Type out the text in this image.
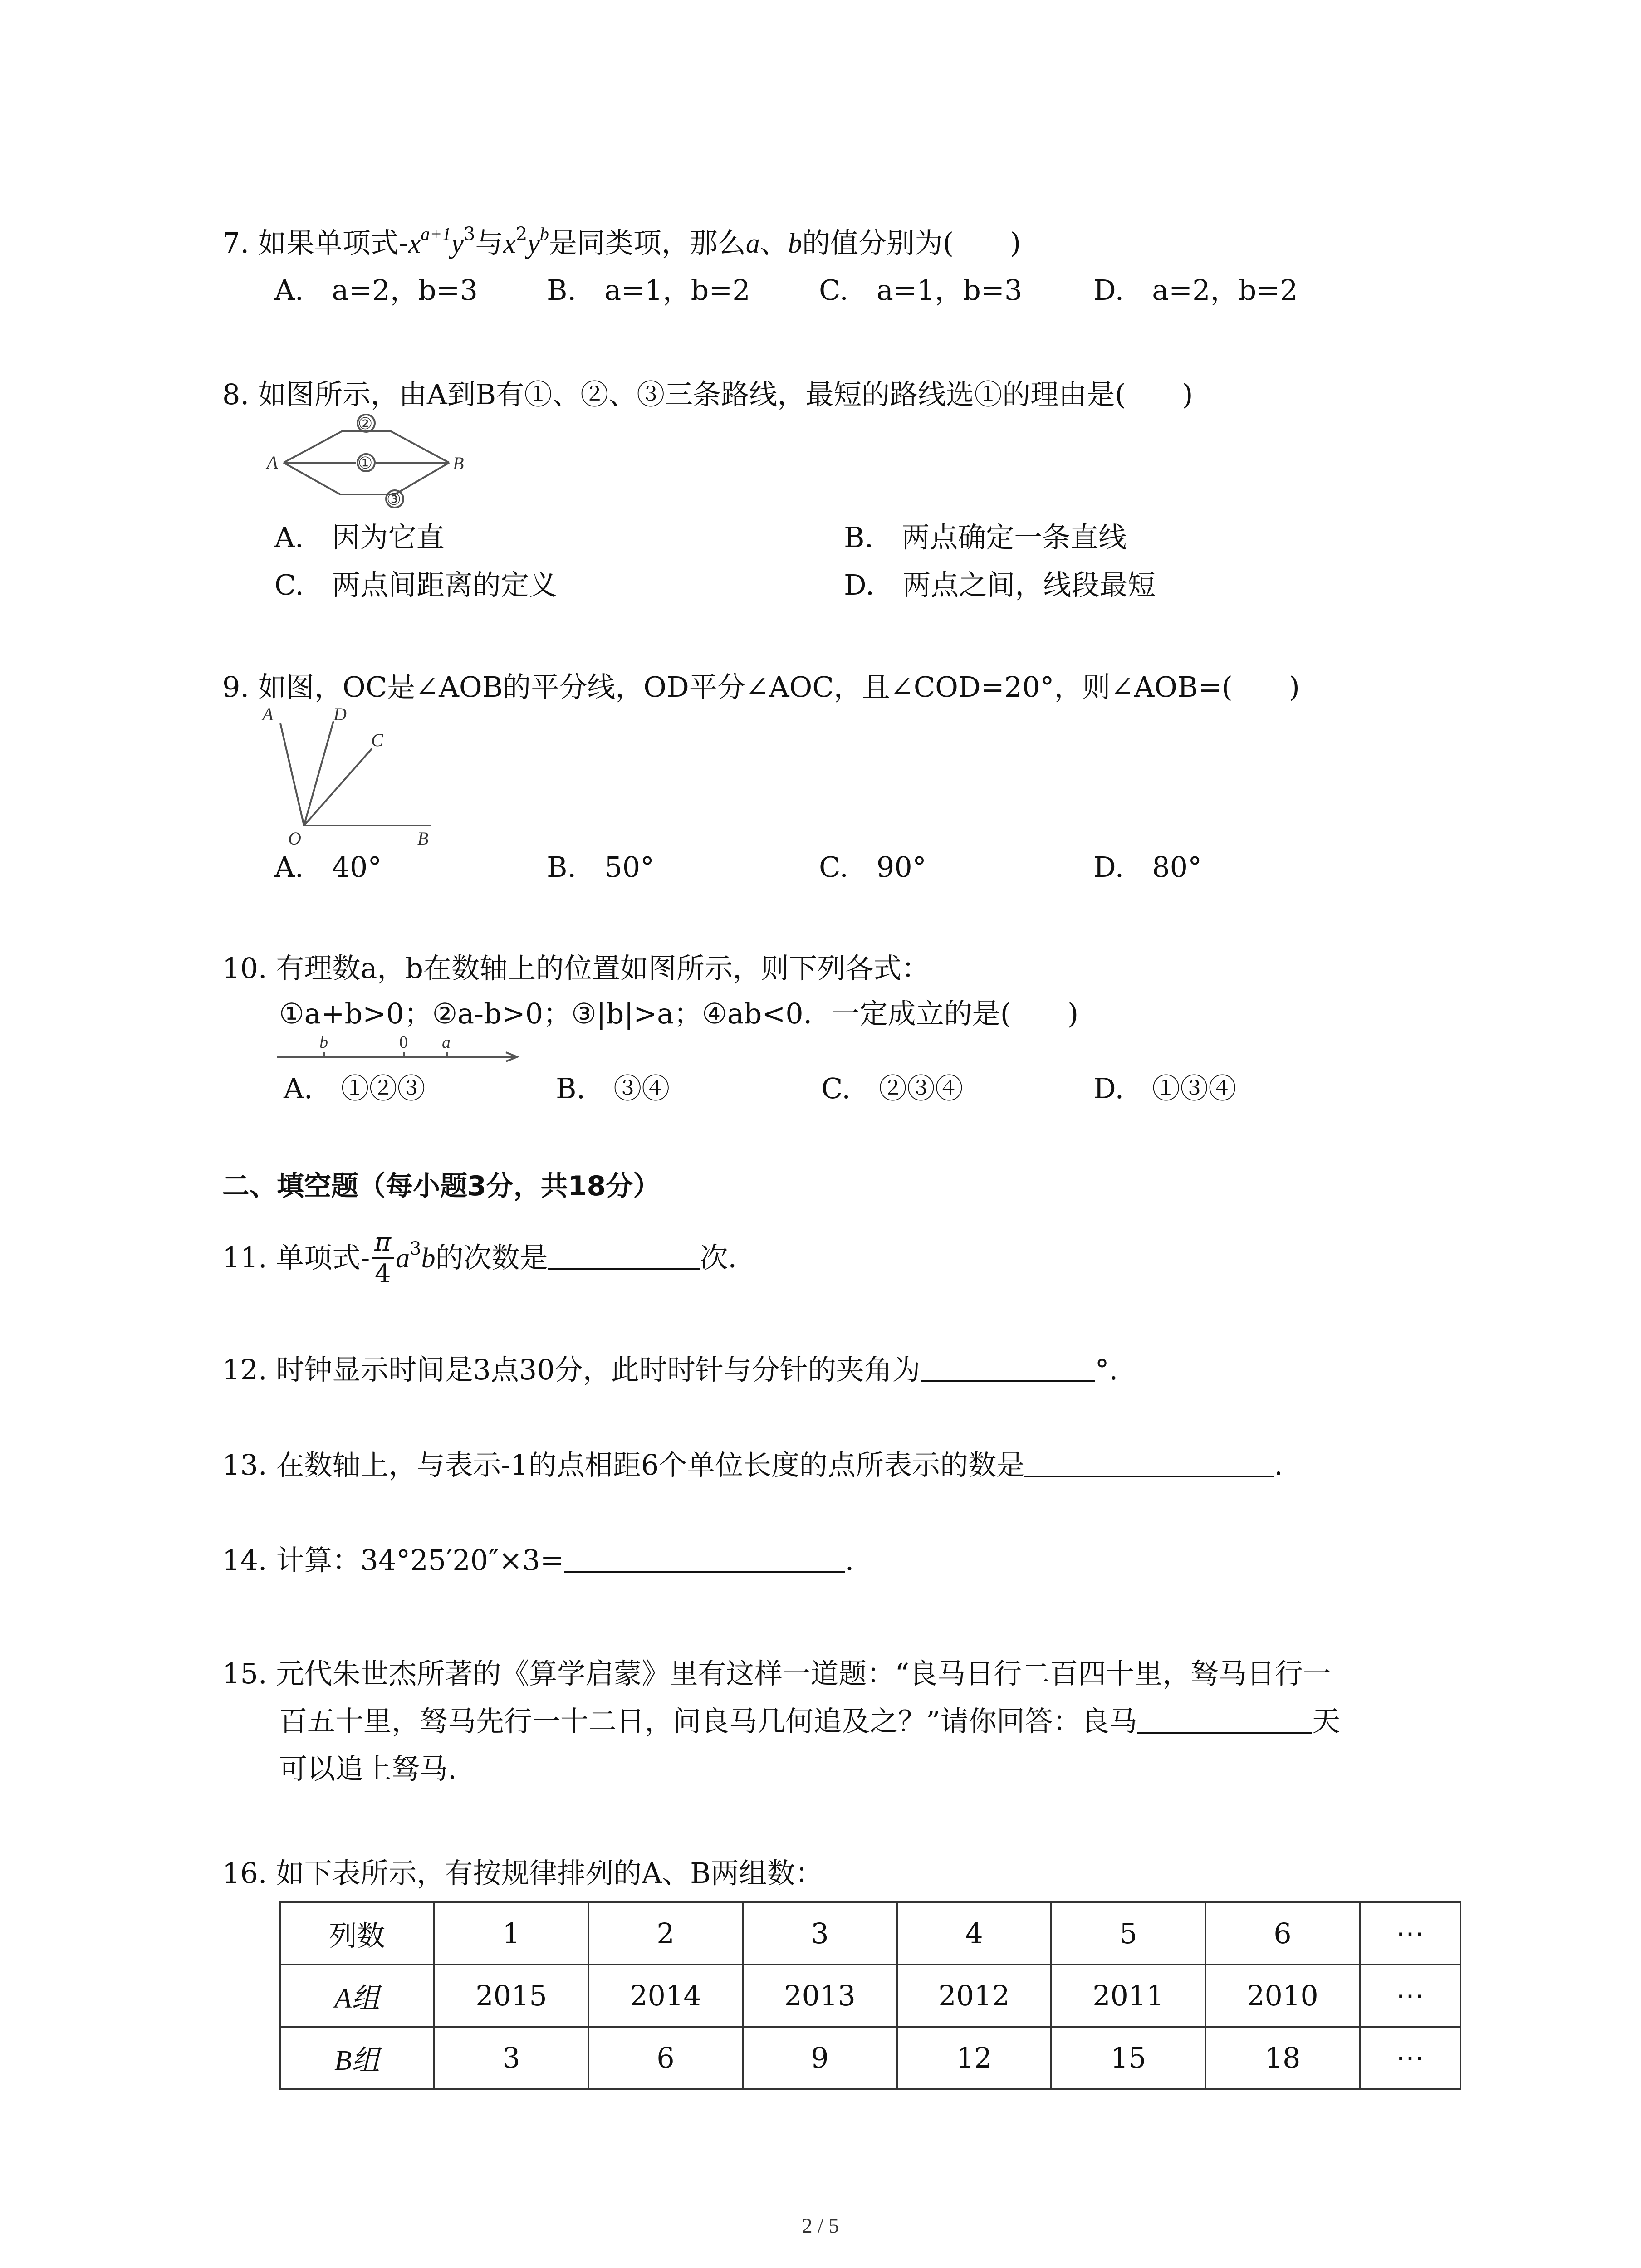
7. 如果单项式$-x^{a+1}y^3$与$x^2y^b$是同类项，那么a、b的值分别为(　　)
A.　a=2，b=3 B.　a=1，b=2 C.　a=1，b=3	D.　a=2，b=2
8. 如图所示，由A到B有①、②、③三条路线，最短的路线选①的理由是(　　)
A	B
①
②
③
A.　因为它直	B.　两点确定一条直线
C.　两点间距离的定义	D.　两点之间，线段最短
9. 如图，OC是∠AOB的平分线，OD平分∠AOC，且∠COD=20°，则∠AOB=(　　)
A	D
C
O	B
A.　40°	B.　50°	C.　90°	D.　80°
10. 有理数a，b在数轴上的位置如图所示，则下列各式：
①a+b>0；②a-b>0；③|b|>a；④ab<0．一定成立的是(　　)
b	0 a
A.　①②③	B.　③④	C.　②③④	D.　①③④
二、填空题（每小题3分，共18分）
11. 单项式- $\frac{\pi}{4} a^3b$的次数是	次．
12. 时钟显示时间是3点30分，此时时针与分针的夹角为	°.
13. 在数轴上，与表示-1的点相距6个单位长度的点所表示的数是	.
14. 计算：34°25′20″×3=	.
15. 元代朱世杰所著的《算学启蒙》里有这样一道题：“良马日行二百四十里，驽马日行一
百五十里，驽马先行一十二日，问良马几何追及之？”请你回答：良马	天
可以追上驽马.
16. 如下表所示，有按规律排列的A、B两组数：
列数	1	2	3	4	5	6	⋯
A组	2015	2014	2013	2012	2011	2010	⋯
B组	3	6	9	12	15	18	⋯
2 / 5
